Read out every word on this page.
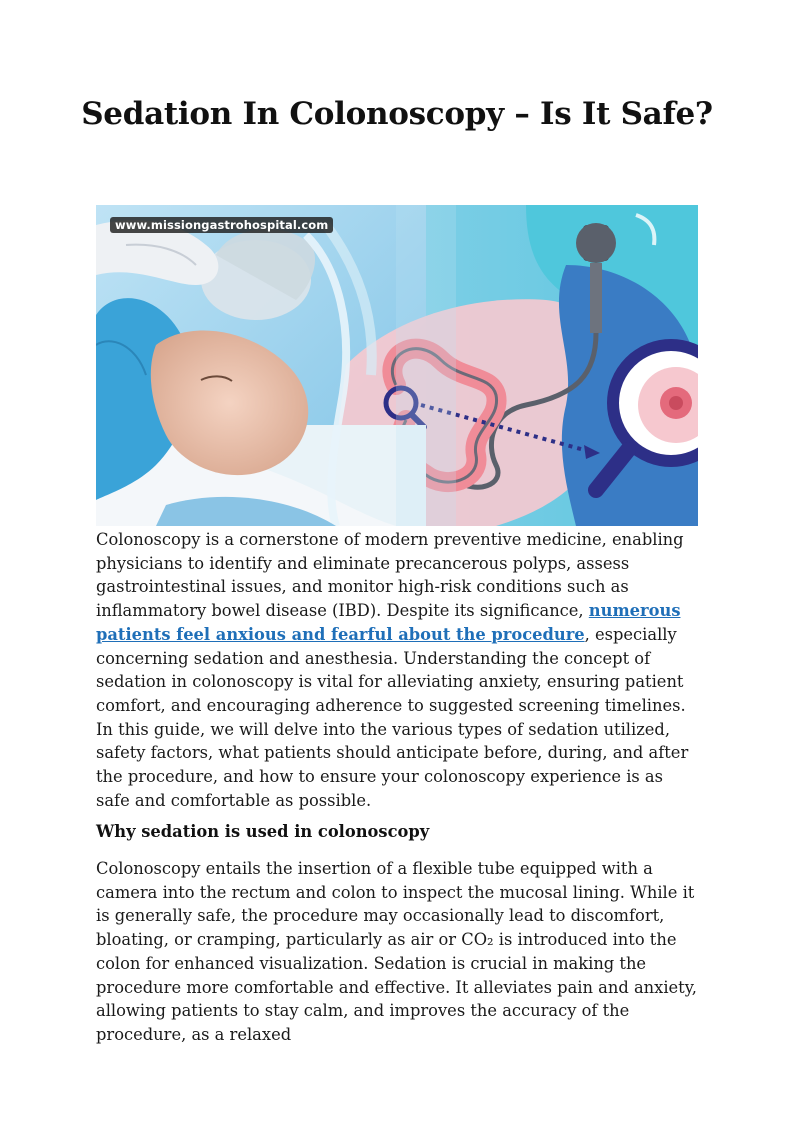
Sedation In Colonoscopy – Is It Safe?
www.missiongastrohospital.com

Colonoscopy is a cornerstone of modern preventive medicine, enabling physicians to identify and eliminate precancerous polyps, assess gastrointestinal issues, and monitor high-risk conditions such as inflammatory bowel disease (IBD). Despite its significance, numerous patients feel anxious and fearful about the procedure, especially concerning sedation and anesthesia. Understanding the concept of sedation in colonoscopy is vital for alleviating anxiety, ensuring patient comfort, and encouraging adherence to suggested screening timelines. In this guide, we will delve into the various types of sedation utilized, safety factors, what patients should anticipate before, during, and after the procedure, and how to ensure your colonoscopy experience is as safe and comfortable as possible.

Why sedation is used in colonoscopy

Colonoscopy entails the insertion of a flexible tube equipped with a camera into the rectum and colon to inspect the mucosal lining. While it is generally safe, the procedure may occasionally lead to discomfort, bloating, or cramping, particularly as air or CO₂ is introduced into the colon for enhanced visualization. Sedation is crucial in making the procedure more comfortable and effective. It alleviates pain and anxiety, allowing patients to stay calm, and improves the accuracy of the procedure, as a relaxed
